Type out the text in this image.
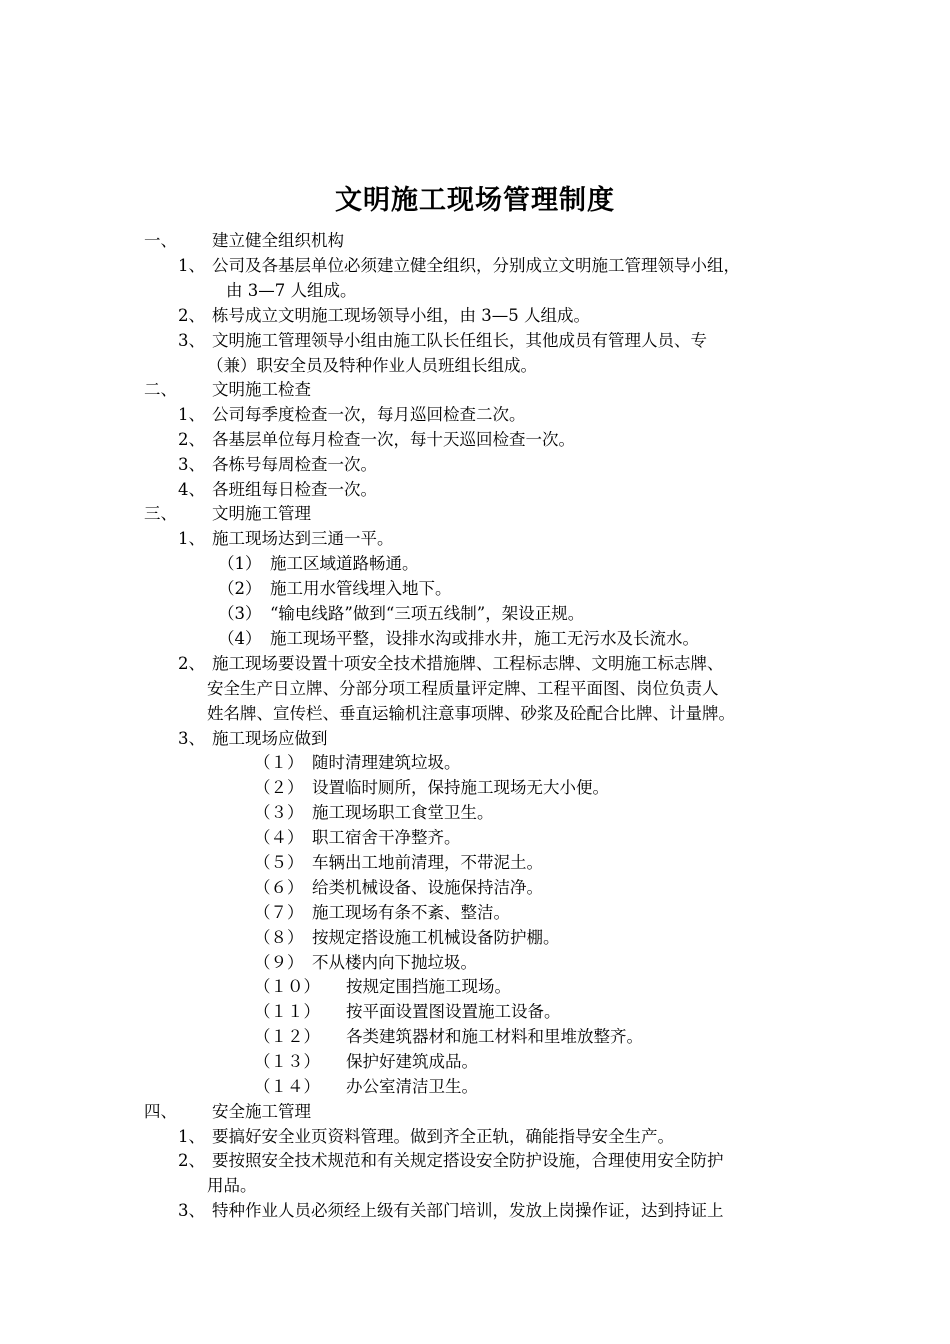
文明施工现场管理制度
一、 建立健全组织机构
1、 公司及各基层单位必须建立健全组织，分别成立文明施工管理领导小组，
由 3—7 人组成。
2、 栋号成立文明施工现场领导小组，由 3—5 人组成。
3、 文明施工管理领导小组由施工队长任组长，其他成员有管理人员、专
（兼）职安全员及特种作业人员班组长组成。
二、 文明施工检查
1、 公司每季度检查一次，每月巡回检查二次。
2、 各基层单位每月检查一次，每十天巡回检查一次。
3、 各栋号每周检查一次。
4、 各班组每日检查一次。
三、 文明施工管理
1、 施工现场达到三通一平。
（1） 施工区域道路畅通。
（2） 施工用水管线埋入地下。
（3） “输电线路”做到“三项五线制”，架设正规。
（4） 施工现场平整，设排水沟或排水井，施工无污水及长流水。
2、 施工现场要设置十项安全技术措施牌、工程标志牌、文明施工标志牌、
安全生产日立牌、分部分项工程质量评定牌、工程平面图、岗位负责人
姓名牌、宣传栏、垂直运输机注意事项牌、砂浆及砼配合比牌、计量牌。
3、 施工现场应做到
（１） 随时清理建筑垃圾。
（２） 设置临时厕所，保持施工现场无大小便。
（３） 施工现场职工食堂卫生。
（４） 职工宿舍干净整齐。
（５） 车辆出工地前清理，不带泥土。
（６） 给类机械设备、设施保持洁净。
（７） 施工现场有条不紊、整洁。
（８） 按规定搭设施工机械设备防护棚。
（９） 不从楼内向下抛垃圾。
（１０） 按规定围挡施工现场。
（１１） 按平面设置图设置施工设备。
（１２） 各类建筑器材和施工材料和里堆放整齐。
（１３） 保护好建筑成品。
（１４） 办公室清洁卫生。
四、 安全施工管理
1、 要搞好安全业页资料管理。做到齐全正轨，确能指导安全生产。
2、 要按照安全技术规范和有关规定搭设安全防护设施，合理使用安全防护
用品。
3、 特种作业人员必须经上级有关部门培训，发放上岗操作证，达到持证上
